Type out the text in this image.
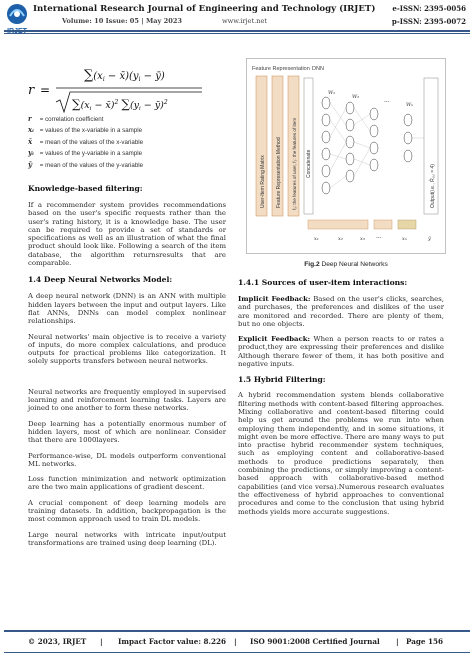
IRJET
International Research Journal of Engineering and Technology (IRJET)
Volume: 10 Issue: 05 | May 2023	www.irjet.net
e-ISSN: 2395-0056
p-ISSN: 2395-0072
r =
$\sum(x_i$ − $x̄)(y_i$ − ȳ)
$\sum(x_i$ − x̄)$^2$ $\sum(y_i$ − ȳ)$^2$
r = correlation coefficient
xᵢ = values of the x-variable in a sample
x̄ = mean of the values of the x-variable
yᵢ = values of the y-variable in a sample
ȳ = mean of the values of the y-variable
Knowledge-based filtering:
If a recommender system provides recommendations based on the user's specific requests rather than the user's rating history, it is a knowledge base. The user can be required to provide a set of standards or specifications as well as an illustration of what the final product should look like. Following a search of the item database, the algorithm returnsresults that are comparable.
1.4 Deep Neural Networks Model:
A deep neural network (DNN) is an ANN with multiple hidden layers between the input and output layers. Like flat ANNs, DNNs can model complex nonlinear relationships.
Neural networks' main objective is to receive a variety of inputs, do more complex calculations, and produce outputs for practical problems like categorization. It solely supports transfers between neural networks.
Neural networks are frequently employed in supervised learning and reinforcement learning tasks. Layers are joined to one another to form these networks.
Deep learning has a potentially enormous number of hidden layers, most of which are nonlinear. Consider that there are 1000layers.
Performance-wise, DL models outperform conventional ML networks.
Loss function minimization and network optimization are the two main applications of gradient descent.
A crucial component of deep learning models are training datasets. In addition, backpropagation is the most common approach used to train DL models.
Large neural networks with intricate input/output transformations are trained using deep learning (DL).
Feature Representation DNN
User-Item Rating Matrix Feature Representation Method f₁: the features of user, f₂: the features of item Concatenate
W₁
W₂
···	Wₙ
Output(i.e., R̂ᵤ,ᵢ = 4)
x₁	x₂	x₃ ···	xₙ	ŷ
Fig.2 Deep Neural Networks
1.4.1 Sources of user-item interactions:
Implicit Feedback: Based on the user's clicks, searches, and purchases, the preferences and dislikes of the user are monitored and recorded. There are plenty of them, but no one objects.
Explicit Feedback: When a person reacts to or rates a product,they are expressing their preferences and dislike Although therare fewer of them, it has both positive and negative inputs.
1.5 Hybrid Filtering:
A hybrid recommendation system blends collaborative filtering methods with content-based filtering approaches. Mixing collaborative and content-based filtering could help us get around the problems we run into when employing them independently, and in some situations, it might even be more effective. There are many ways to put into practise hybrid recommender system techniques, such as employing content and collaborative-based methods to produce predictions separately, then combining the predictions, or simply improving a content- based approach with collaborative-based method capabilities (and vice versa).Numerous research evaluates the effectiveness of hybrid approaches to conventional procedures and come to the conclusion that using hybrid methods yields more accurate suggestions.
© 2023, IRJET | Impact Factor value: 8.226 | ISO 9001:2008 Certified Journal | Page 156
